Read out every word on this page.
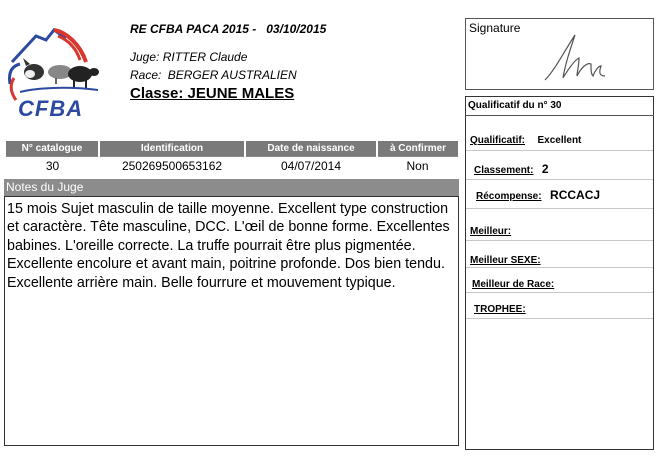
CFBA
RE CFBA PACA 2015 -   03/10/2015
Juge: RITTER Claude
Race: BERGER AUSTRALIEN
Classe: JEUNE MALES
Signature
N° catalogue	Identification	Date de naissance	à Confirmer
30	250269500653162	04/07/2014	Non
Notes du Juge
15 mois Sujet masculin de taille moyenne. Excellent type construction et caractère. Tête masculine, DCC. L'œil de bonne forme. Excellentes babines. L'oreille correcte. La truffe pourrait être plus pigmentée. Excellente encolure et avant main, poitrine profonde. Dos bien tendu. Excellente arrière main. Belle fourrure et mouvement typique.
Qualificatif du n° 30
Qualificatif: Excellent
Classement: 2
Récompense: RCCACJ
Meilleur:
Meilleur SEXE:
Meilleur de Race:
TROPHEE:
